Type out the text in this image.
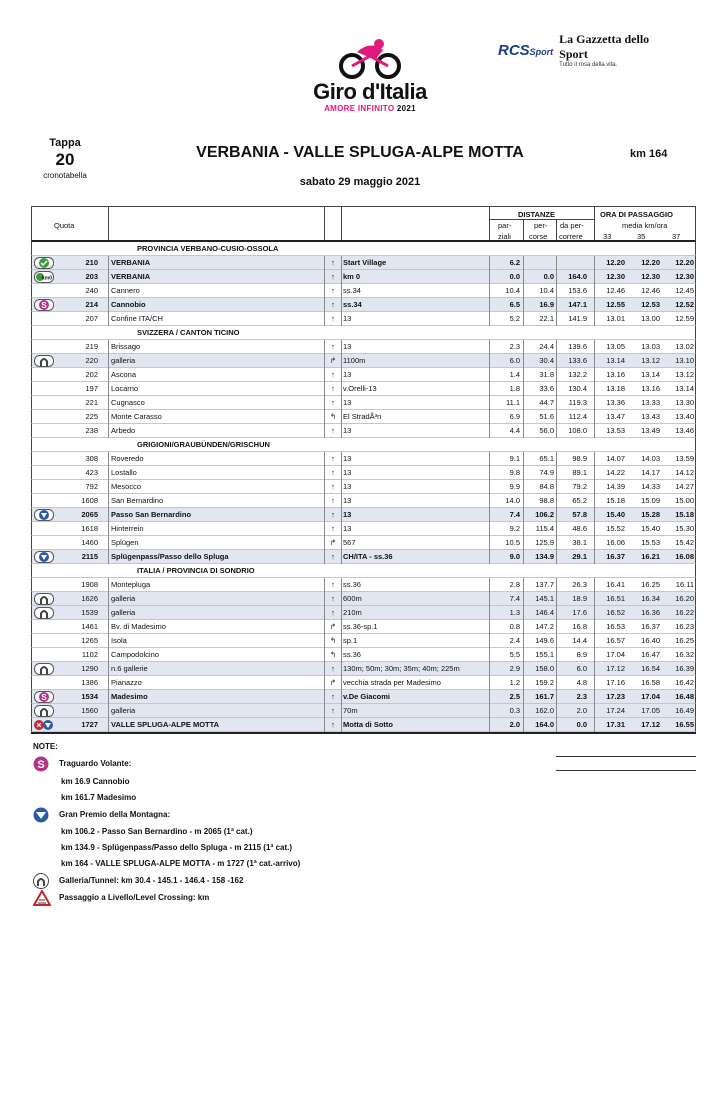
Giro d'Italia
AMORE INFINITO 2021
RCSSport
La Gazzetta dello Sport
Tutto il rosa della vita.
Tappa
20
cronotabella
VERBANIA - VALLE SPLUGA-ALPE MOTTA	km 164
sabato 29 maggio 2021
Quota
DISTANZE
par-
ziali
per-
corse
da per-
correre
ORA DI PASSAGGIO
media km/ora
33	35	37
PROVINCIA VERBANO-CUSIO-OSSOLA
210 VERBANIA	↑	Start Village	6.2	12.20	12.20	12.20
km0	203 VERBANIA	↑	km 0	0.0	0.0	164.0	12.30	12.30	12.30
240 Cannero	↑	ss.34	10.4	10.4	153.6	12.46	12.46	12.45
S	214 Cannobio	↑	ss.34	6.5	16.9	147.1	12.55	12.53	12.52
207 Confine ITA/CH	↑	13	5.2	22.1	141.9	13.01	13.00	12.59
SVIZZERA / CANTON TICINO
219 Brissago	↑	13	2.3	24.4	139.6	13.05	13.03	13.02
220 galleria	↱ 1100m	6.0	30.4	133.6	13.14	13.12	13.10
202 Ascona	↑	13	1.4	31.8	132.2	13.16	13.14	13.12
197 Locarno	↑	v.Orelli-13	1.8	33.6	130.4	13.18	13.16	13.14
221 Cugnasco	↑	13	11.1	44.7	119.3	13.36	13.33	13.30
225 Monte Carasso	↰ El StradÃ³n	6.9	51.6	112.4	13.47	13.43	13.40
238 Arbedo	↑	13	4.4	56.0	108.0	13.53	13.49	13.46
GRIGIONI/GRAUBÜNDEN/GRISCHUN
308 Roveredo	↑	13	9.1	65.1	98.9	14.07	14.03	13.59
423 Lostallo	↑	13	9.8	74.9	89.1	14.22	14.17	14.12
792 Mesocco	↑	13	9.9	84.8	79.2	14.39	14.33	14.27
1608 San Bernardino	↑	13	14.0	98.8	65.2	15.18	15.09	15.00
2065 Passo San Bernardino	↑	13	7.4	106.2	57.8	15.40	15.28	15.18
1618 Hinterrein	↑	13	9.2	115.4	48.6	15.52	15.40	15.30
1460 Splügen	↱ 567	10.5	125.9	38.1	16.06	15.53	15.42
2115 Splügenpass/Passo dello Spluga	↑	CH/ITA - ss.36	9.0	134.9	29.1	16.37	16.21	16.08
ITALIA / PROVINCIA DI SONDRIO
1908 Montepluga	↑	ss.36	2.8	137.7	26.3	16.41	16.25	16.11
1626 galleria	↑	600m	7.4	145.1	18.9	16.51	16.34	16.20
1539 galleria	↑	210m	1.3	146.4	17.6	16.52	16.36	16.22
1461 Bv. di Madesimo	↱ ss.36-sp.1	0.8	147.2	16.8	16.53	16.37	16.23
1265 Isola	↰ sp.1	2.4	149.6	14.4	16.57	16.40	16.25
1102 Campodolcino	↰ ss.36	5.5	155.1	8.9	17.04	16.47	16.32
1290 n.6 gallerie	↑	130m; 50m; 30m; 35m; 40m; 225m	2.9	158.0	6.0	17.12	16.54	16.39
1386 Pianazzo	↱ vecchia strada per Madesimo	1.2	159.2	4.8	17.16	16.58	16.42
S	1534 Madesimo	↑	v.De Giacomi	2.5	161.7	2.3	17.23	17.04	16.48
1560 galleria	↑	70m	0.3	162.0	2.0	17.24	17.05	16.49
1727 VALLE SPLUGA-ALPE MOTTA	↑	Motta di Sotto	2.0	164.0	0.0	17.31	17.12	16.55
NOTE:
S Traguardo Volante:
km 16.9 Cannobio
km 161.7 Madesimo
Gran Premio della Montagna:
km 106.2 - Passo San Bernardino - m 2065 (1ª cat.)
km 134.9 - Splügenpass/Passo dello Spluga - m 2115 (1ª cat.)
km 164 - VALLE SPLUGA-ALPE MOTTA - m 1727 (1ª cat.-arrivo)
Galleria/Tunnel: km 30.4 - 145.1 - 146.4 - 158 -162
Passaggio a Livello/Level Crossing: km
